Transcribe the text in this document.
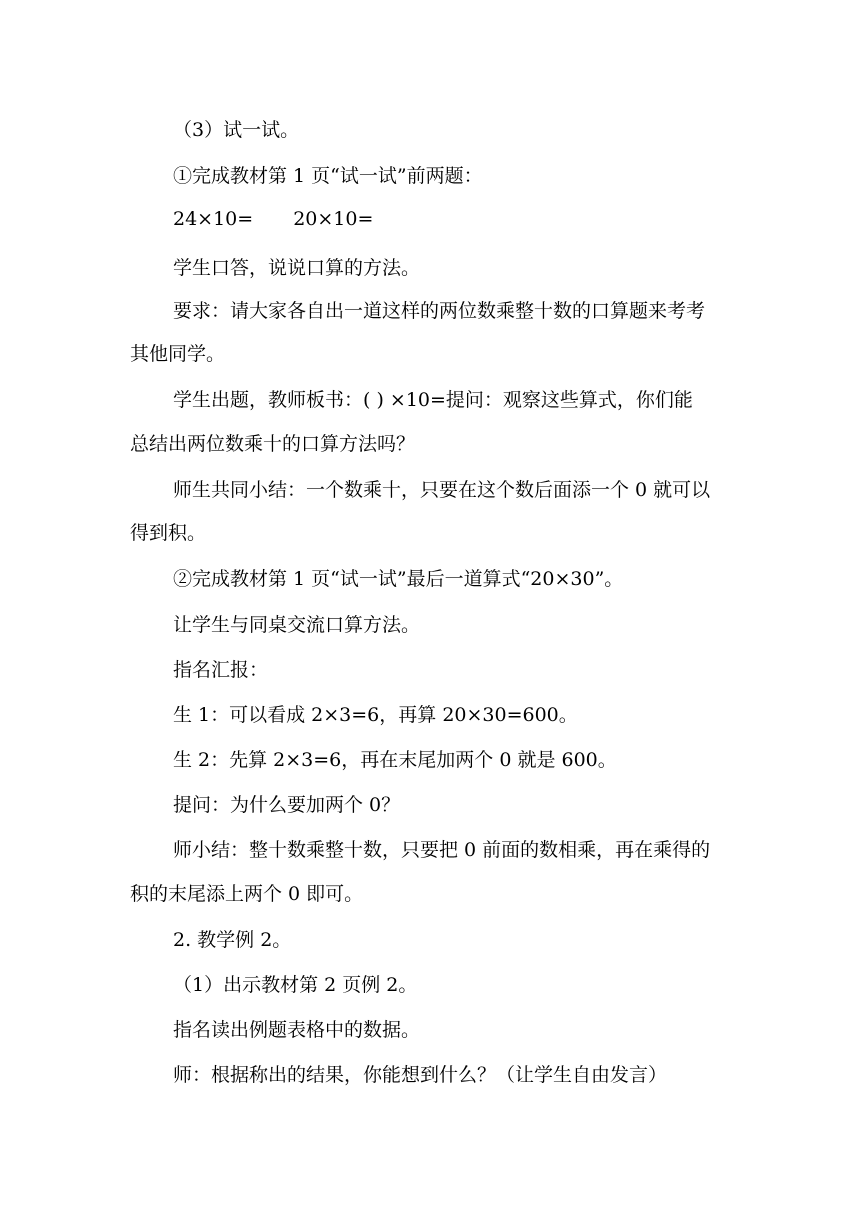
（3）试一试。
①完成教材第 1 页“试一试”前两题：
24×10= 20×10=
学生口答，说说口算的方法。
要求：请大家各自出一道这样的两位数乘整十数的口算题来考考
其他同学。
学生出题，教师板书：( ) ×10=提问：观察这些算式，你们能
总结出两位数乘十的口算方法吗？
师生共同小结：一个数乘十，只要在这个数后面添一个 0 就可以
得到积。
②完成教材第 1 页“试一试”最后一道算式“20×30”。
让学生与同桌交流口算方法。
指名汇报：
生 1：可以看成 2×3=6，再算 20×30=600。
生 2：先算 2×3=6，再在末尾加两个 0 就是 600。
提问：为什么要加两个 0？
师小结：整十数乘整十数，只要把 0 前面的数相乘，再在乘得的
积的末尾添上两个 0 即可。
2. 教学例 2。
（1）出示教材第 2 页例 2。
指名读出例题表格中的数据。
师：根据称出的结果，你能想到什么？（让学生自由发言）
